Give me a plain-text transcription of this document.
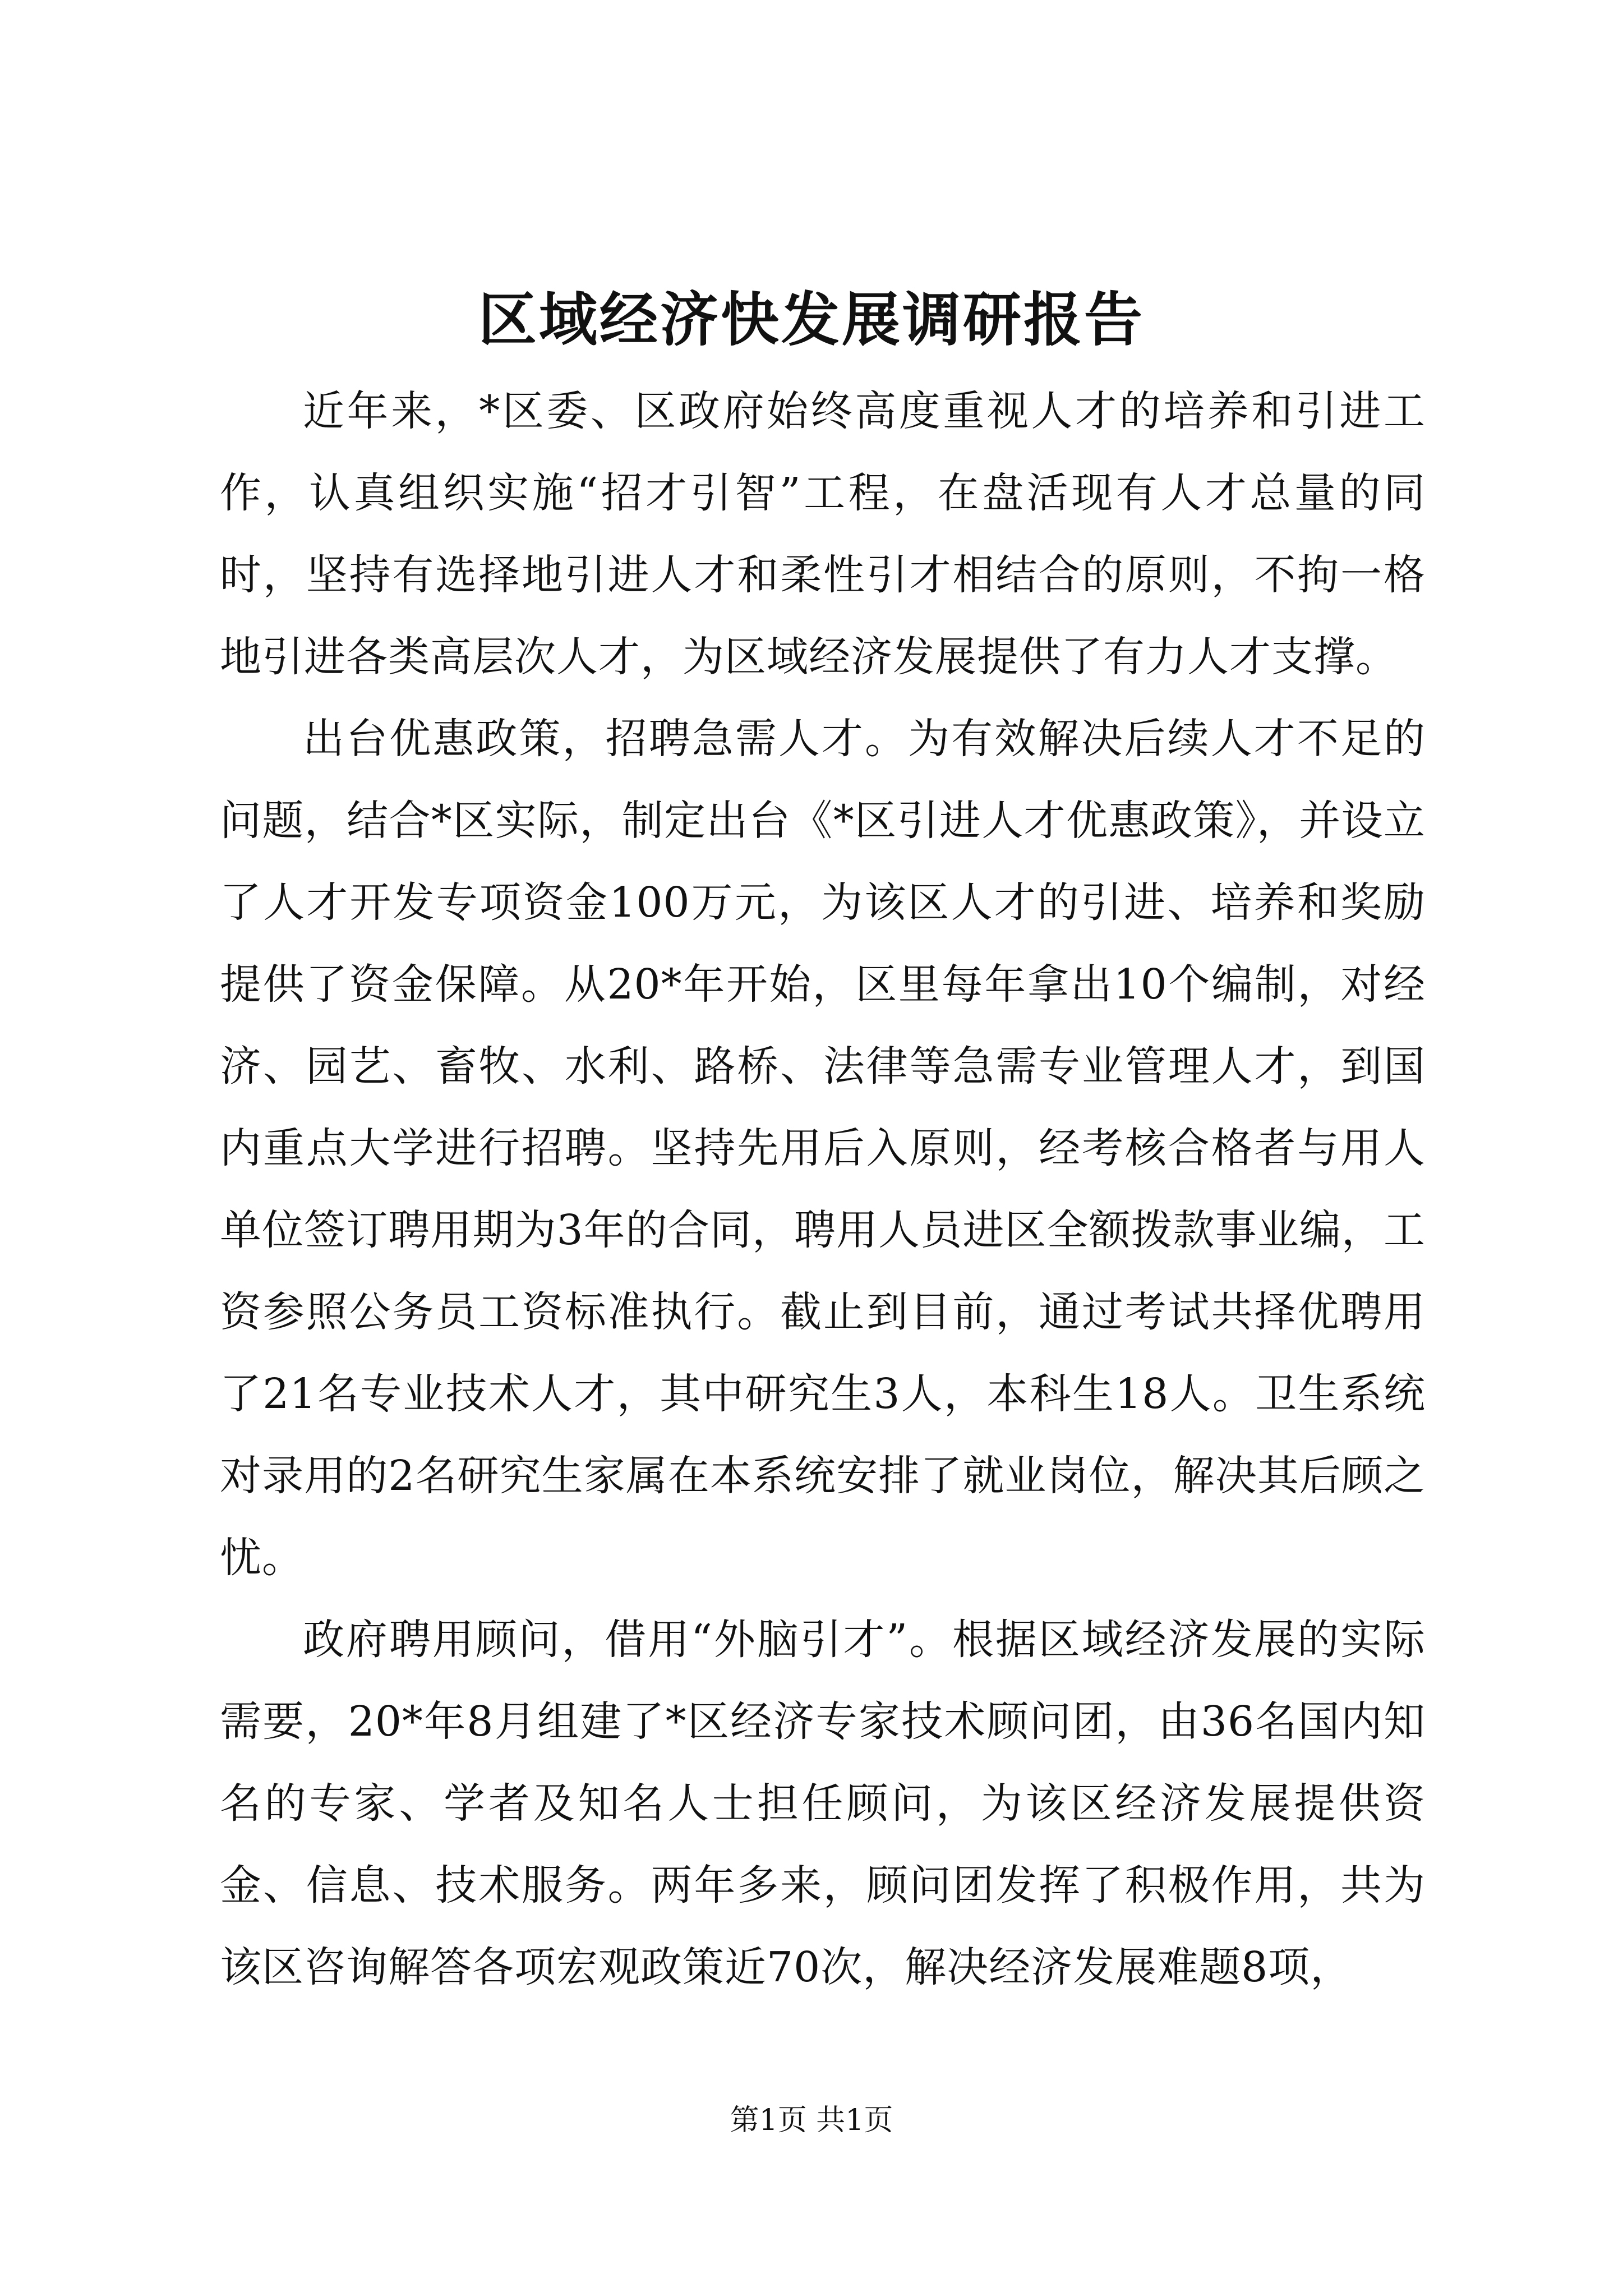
区域经济快发展调研报告

近年来，*区委、区政府始终高度重视人才的培养和引进工作，认真组织实施“招才引智”工程，在盘活现有人才总量的同时，坚持有选择地引进人才和柔性引才相结合的原则，不拘一格地引进各类高层次人才，为区域经济发展提供了有力人才支撑。

出台优惠政策，招聘急需人才。为有效解决后续人才不足的问题，结合*区实际，制定出台《*区引进人才优惠政策》，并设立了人才开发专项资金100万元，为该区人才的引进、培养和奖励提供了资金保障。从20*年开始，区里每年拿出10个编制，对经济、园艺、畜牧、水利、路桥、法律等急需专业管理人才，到国内重点大学进行招聘。坚持先用后入原则，经考核合格者与用人单位签订聘用期为3年的合同，聘用人员进区全额拨款事业编，工资参照公务员工资标准执行。截止到目前，通过考试共择优聘用了21名专业技术人才，其中研究生3人，本科生18人。卫生系统对录用的2名研究生家属在本系统安排了就业岗位，解决其后顾之忧。

政府聘用顾问，借用“外脑引才”。根据区域经济发展的实际需要，20*年8月组建了*区经济专家技术顾问团，由36名国内知名的专家、学者及知名人士担任顾问，为该区经济发展提供资金、信息、技术服务。两年多来，顾问团发挥了积极作用，共为该区咨询解答各项宏观政策近70次，解决经济发展难题8项，

第1页 共1页
